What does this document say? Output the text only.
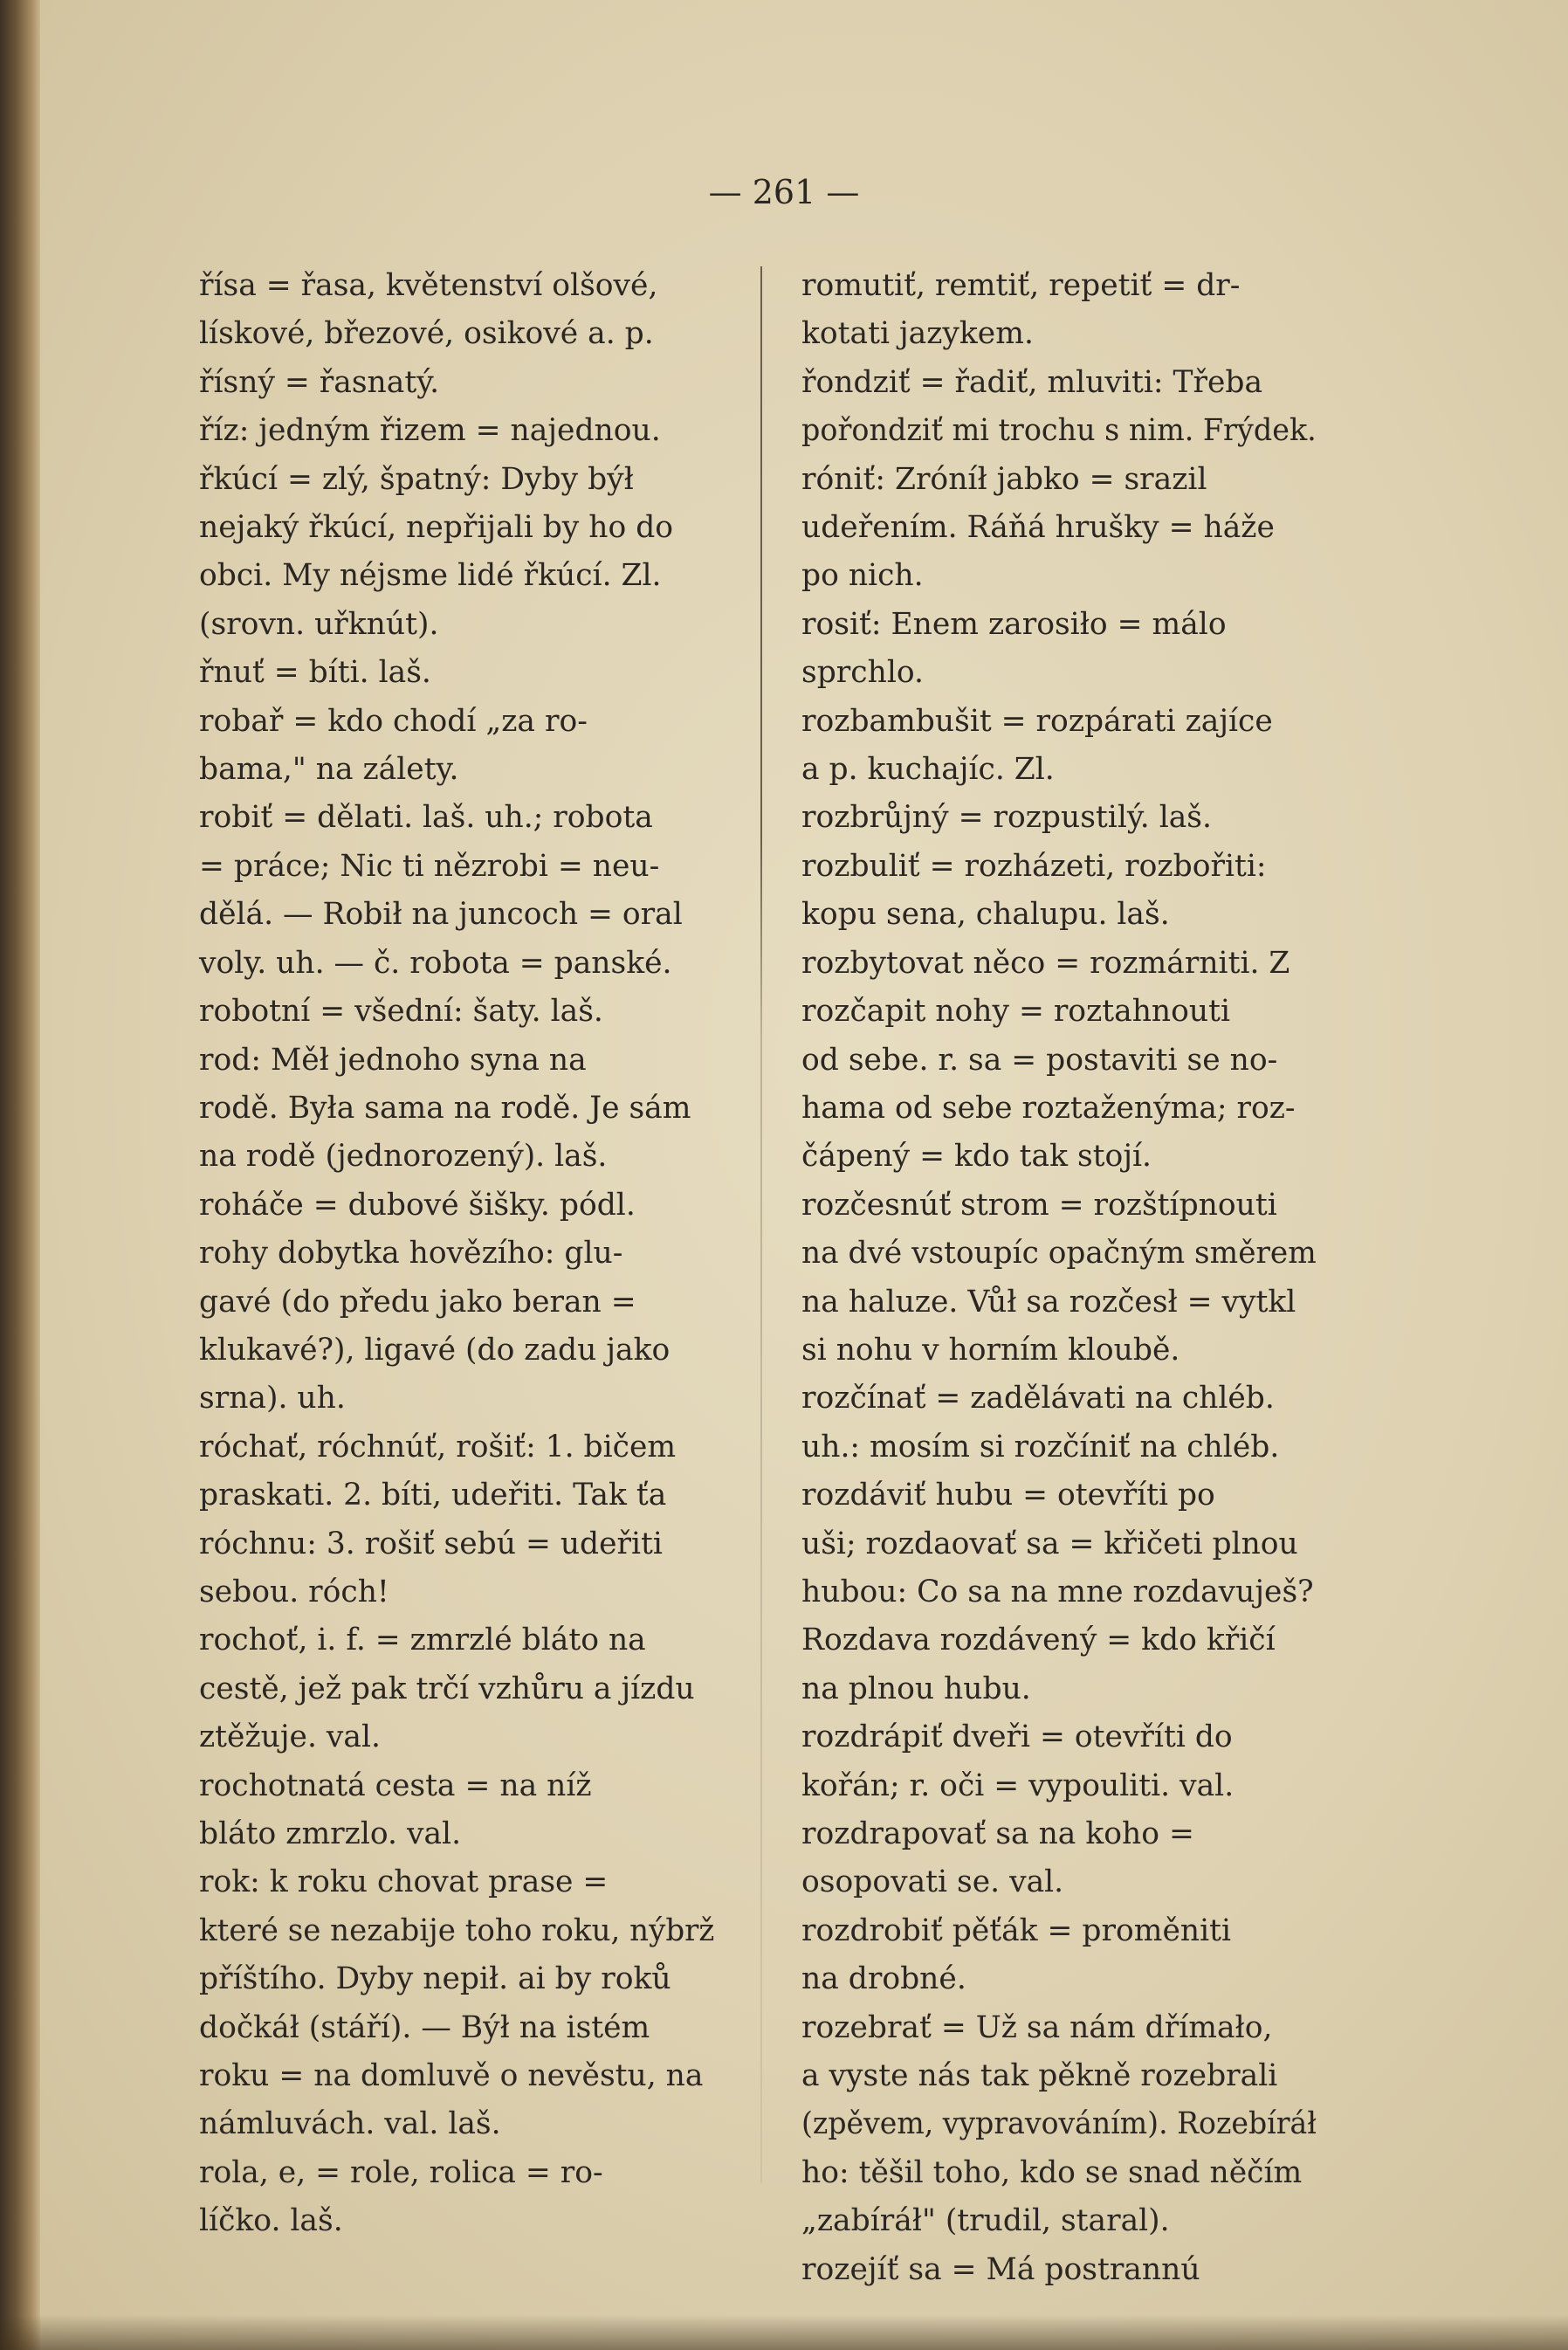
— 261 —
řísa = řasa, květenství olšové,
lískové, březové, osikové a. p.
řísný = řasnatý.
říz: jedným řizem = najednou.
řkúcí = zlý, špatný: Dyby býł
nejaký řkúcí, nepřijali by ho do
obci. My néjsme lidé řkúcí. Zl.
(srovn. uřknút).
řnuť = bíti. laš.
robař = kdo chodí „za ro-
bama," na zálety.
robiť = dělati. laš. uh.; robota
= práce; Nic ti nězrobi = neu-
dělá. — Robił na juncoch = oral
voly. uh. — č. robota = panské.
robotní = všední: šaty. laš.
rod: Měł jednoho syna na
rodě. Była sama na rodě. Je sám
na rodě (jednorozený). laš.
roháče = dubové šišky. pódl.
rohy dobytka hovězího: glu-
gavé (do předu jako beran =
klukavé?), ligavé (do zadu jako
srna). uh.
róchať, róchnúť, rošiť: 1. bičem
praskati. 2. bíti, udeřiti. Tak ťa
róchnu: 3. rošiť sebú = udeřiti
sebou. róch!
rochoť, i. f. = zmrzlé bláto na
cestě, jež pak trčí vzhůru a jízdu
ztěžuje. val.
rochotnatá cesta = na níž
bláto zmrzlo. val.
rok: k roku chovat prase =
které se nezabije toho roku, nýbrž
příštího. Dyby nepił. ai by roků
dočkáł (stáří). — Býł na istém
roku = na domluvě o nevěstu, na
námluvách. val. laš.
rola, e, = role, rolica = ro-
líčko. laš.
romutiť, remtiť, repetiť = dr-
kotati jazykem.
řondziť = řadiť, mluviti: Třeba
pořondziť mi trochu s nim. Frýdek.
róniť: Zróníł jabko = srazil
udeřením. Ráňá hrušky = háže
po nich.
rosiť: Enem zarosiło = málo
sprchlo.
rozbambušit = rozpárati zajíce
a p. kuchajíc. Zl.
rozbrůjný = rozpustilý. laš.
rozbuliť = rozházeti, rozbořiti:
kopu sena, chalupu. laš.
rozbytovat něco = rozmárniti. Z
rozčapit nohy = roztahnouti
od sebe. r. sa = postaviti se no-
hama od sebe roztaženýma; roz-
čápený = kdo tak stojí.
rozčesnúť strom = rozštípnouti
na dvé vstoupíc opačným směrem
na haluze. Vůł sa rozčesł = vytkl
si nohu v horním kloubě.
rozčínať = zadělávati na chléb.
uh.: mosím si rozčíniť na chléb.
rozdáviť hubu = otevříti po
uši; rozdaovať sa = křičeti plnou
hubou: Co sa na mne rozdavuješ?
Rozdava rozdávený = kdo křičí
na plnou hubu.
rozdrápiť dveři = otevříti do
kořán; r. oči = vypouliti. val.
rozdrapovať sa na koho =
osopovati se. val.
rozdrobiť pěťák = proměniti
na drobné.
rozebrať = Už sa nám dřímało,
a vyste nás tak pěkně rozebrali
(zpěvem, vypravováním). Rozebíráł
ho: těšil toho, kdo se snad něčím
„zabíráł" (trudil, staral).
rozejíť sa = Má postrannú
